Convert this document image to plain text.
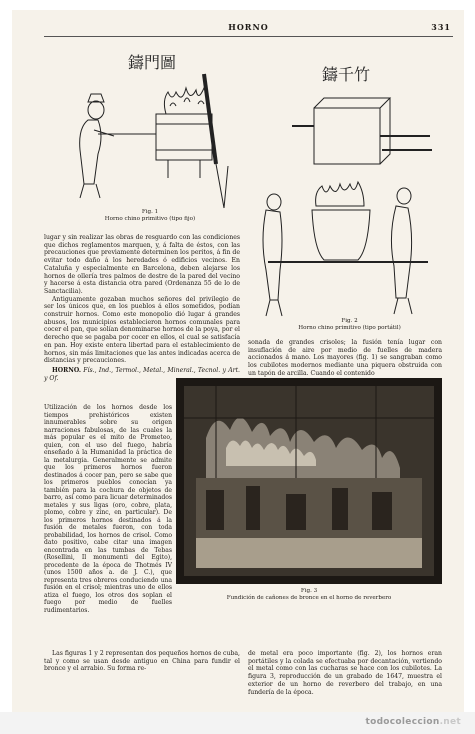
HORNO	331
鑄門圖
Fig. 1
Horno chino primitivo (tipo fijo)
鑄千竹
Fig. 2
Horno chino primitivo (tipo portátil)

lugar y sin realizar las obras de resguardo con las condiciones que dichos reglamentos marquen, y, á falta de éstos, con las precauciones que previamente determinen los peritos, á fin de evitar todo daño á los heredades ó edificios vecinos. En Cataluña y especialmente en Barcelona, deben alejarse los hornos de ollería tres palmos de destre de la pared del vecino y hacerse á esta distancia otra pared (Ordenanza 55 de lo de Sanctacilia).

Antiguamente gozaban muchos señores del privilegio de ser los únicos que, en los pueblos á ellos sometidos, podían construir hornos. Como este monopolio dió lugar á grandes abusos, los municipios establecieron hornos comunales para cocer el pan, que solían denominarse hornos de la poya, por el derecho que se pagaba por cocer en ellos, el cual se satisfacía en pan. Hoy existe entera libertad para el establecimiento de hornos, sin más limitaciones que las antes indicadas acerca de distancias y precauciones.

HORNO. Fís., Ind., Termol., Metal., Mineral., Tecnol. y Art. y Of.

sonada de grandes crisoles; la fusión tenía lugar con insuflación de aire por medio de fuelles de madera accionados á mano. Los mayores (fig. 1) se sangraban como los cubilotes modernos mediante una piquera obstruida con un tapón de arcilla. Cuando el contenido

Utilización de los hornos desde los tiempos prehistóricos existen innumerables sobre su origen narraciones fabulosas, de las cuales la más popular es el mito de Prometeo, quien, con el uso del fuego, habría enseñado á la Humanidad la práctica de la metalurgia. Generalmente se admite que los primeros hornos fueron destinados á cocer pan, pero se sabe que los primeros pueblos conocían ya también para la cochura de objetos de barro, así como para licuar determinados metales y sus ligas (oro, cobre, plata, plomo, cobre y zinc, en particular). De los primeros hornos destinados á la fusión de metales fueron, con toda probabilidad, los hornos de crisol. Como dato positivo, cabe citar una imagen encontrada en las tumbas de Tebas (Rosellini, Il monumenti del Egito), procedente de la época de Thotmés IV (unos 1500 años a. de J. C.), que representa tres obreros conduciendo una fusión en el crisol; mientras uno de ellos atiza el fuego, los otros dos soplan el fuego por medio de fuelles rudimentarios.

Fig. 3
Fundición de cañones de bronce en el horno de reverbero

Las figuras 1 y 2 representan dos pequeños hornos de cuba, tal y como se usan desde antiguo en China para fundir el bronce y el arrabio. Su forma re-

de metal era poco importante (fig. 2), los hornos eran portátiles y la colada se efectuaba por decantación, vertiendo el metal como con las cucharas se hace con los cubilotes. La figura 3, reproducción de un grabado de 1647, muestra el exterior de un horno de reverbero del trabajo, en una fundería de la época.

todocoleccion.net
